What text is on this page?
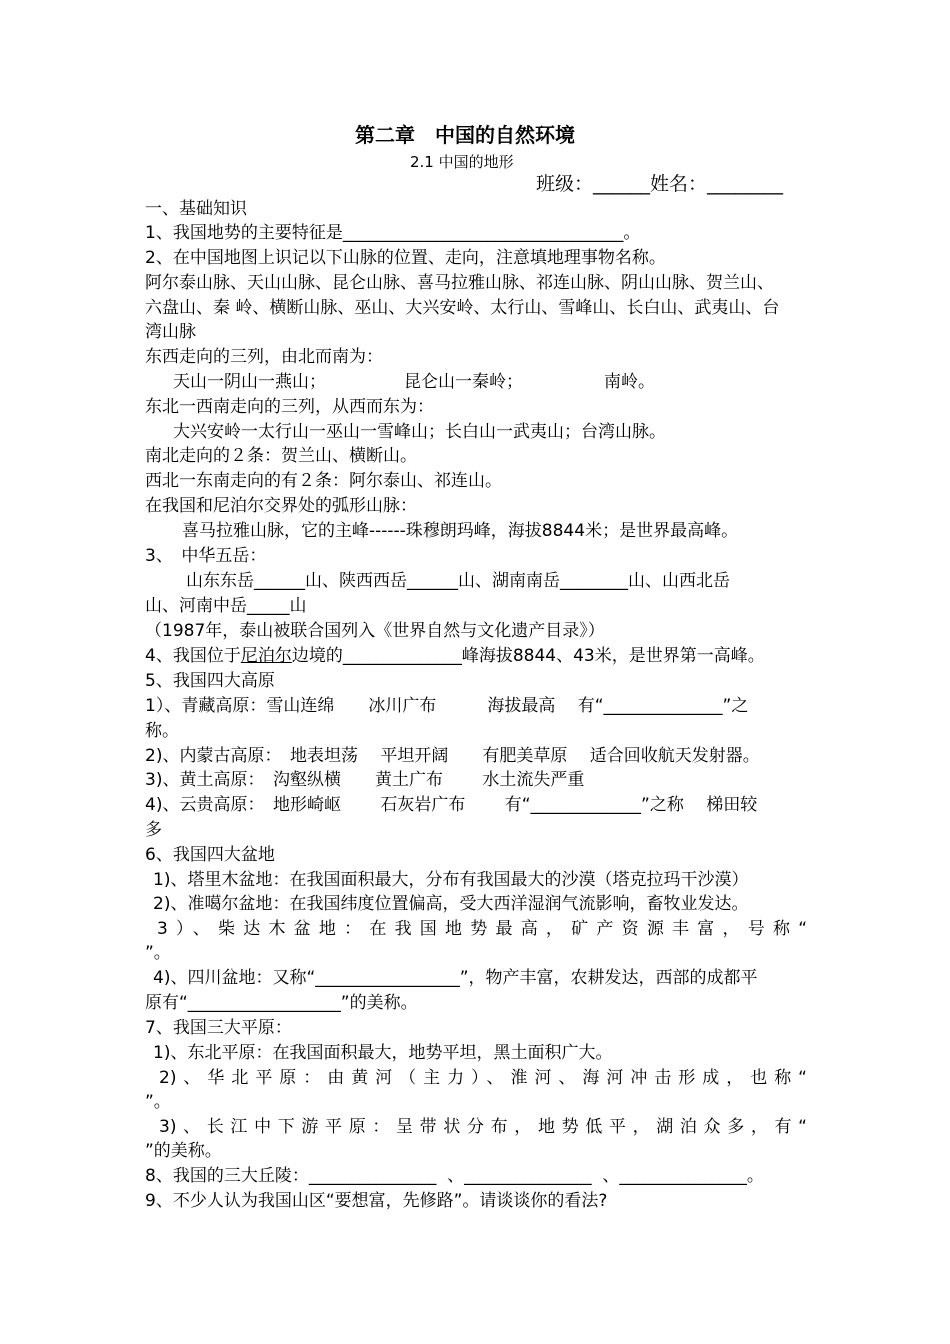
第二章　中国的自然环境
2.1 中国的地形
班级：______姓名：________
一、基础知识
1、我国地势的主要特征是_________________________________。
2、在中国地图上识记以下山脉的位置、走向，注意填地理事物名称。
阿尔泰山脉、天山山脉、昆仑山脉、喜马拉雅山脉、祁连山脉、阴山山脉、贺兰山、
六盘山、秦 岭、横断山脉、巫山、大兴安岭、太行山、雪峰山、长白山、武夷山、台
湾山脉
东西走向的三列，由北而南为：
天山一阴山一燕山；	昆仑山一秦岭；	南岭。
东北一西南走向的三列，从西而东为：
大兴安岭一太行山一巫山一雪峰山；长白山一武夷山；台湾山脉。
南北走向的２条：贺兰山、横断山。
西北一东南走向的有２条：阿尔泰山、祁连山。
在我国和尼泊尔交界处的弧形山脉：
喜马拉雅山脉，它的主峰------珠穆朗玛峰，海拔8844米；是世界最高峰。
3、　中华五岳：
山东东岳______山、陕西西岳______山、湖南南岳________山、山西北岳
山、河南中岳_____山
（1987年，泰山被联合国列入《世界自然与文化遗产目录》）
4、我国位于尼泊尔边境的______________峰海拔8844、43米，是世界第一高峰。
5、我国四大高原
1）、青藏高原：雪山连绵　　冰川广布　　　海拔最高　 有“______________”之
称。
2)、内蒙古高原：　地表坦荡　 平坦开阔　　有肥美草原　 适合回收航天发射器。
3)、黄土高原：　沟壑纵横　　黄土广布　　 水土流失严重
4)、云贵高原：　地形崎岖　　 石灰岩广布　　 有“_____________”之称　 梯田较
多
6、我国四大盆地
1)、塔里木盆地：在我国面积最大，分布有我国最大的沙漠（塔克拉玛干沙漠）
2)、准噶尔盆地：在我国纬度位置偏高，受大西洋湿润气流影响，畜牧业发达。
3）、柴达木盆地：在我国地势最高，矿产资源丰富，号称“
”。
4)、四川盆地：又称“_________________”，物产丰富，农耕发达，西部的成都平
原有“__________________”的美称。
7、我国三大平原：
1)、东北平原：在我国面积最大，地势平坦，黑土面积广大。
2)、华北平原：由黄河（主力）、淮河、海河冲击形成，也称“
”。
3)、长江中下游平原：呈带状分布，地势低平，湖泊众多，有“
”的美称。
8、我国的三大丘陵：_______________  、_______________  、_______________。
9、不少人认为我国山区“要想富，先修路”。请谈谈你的看法?
